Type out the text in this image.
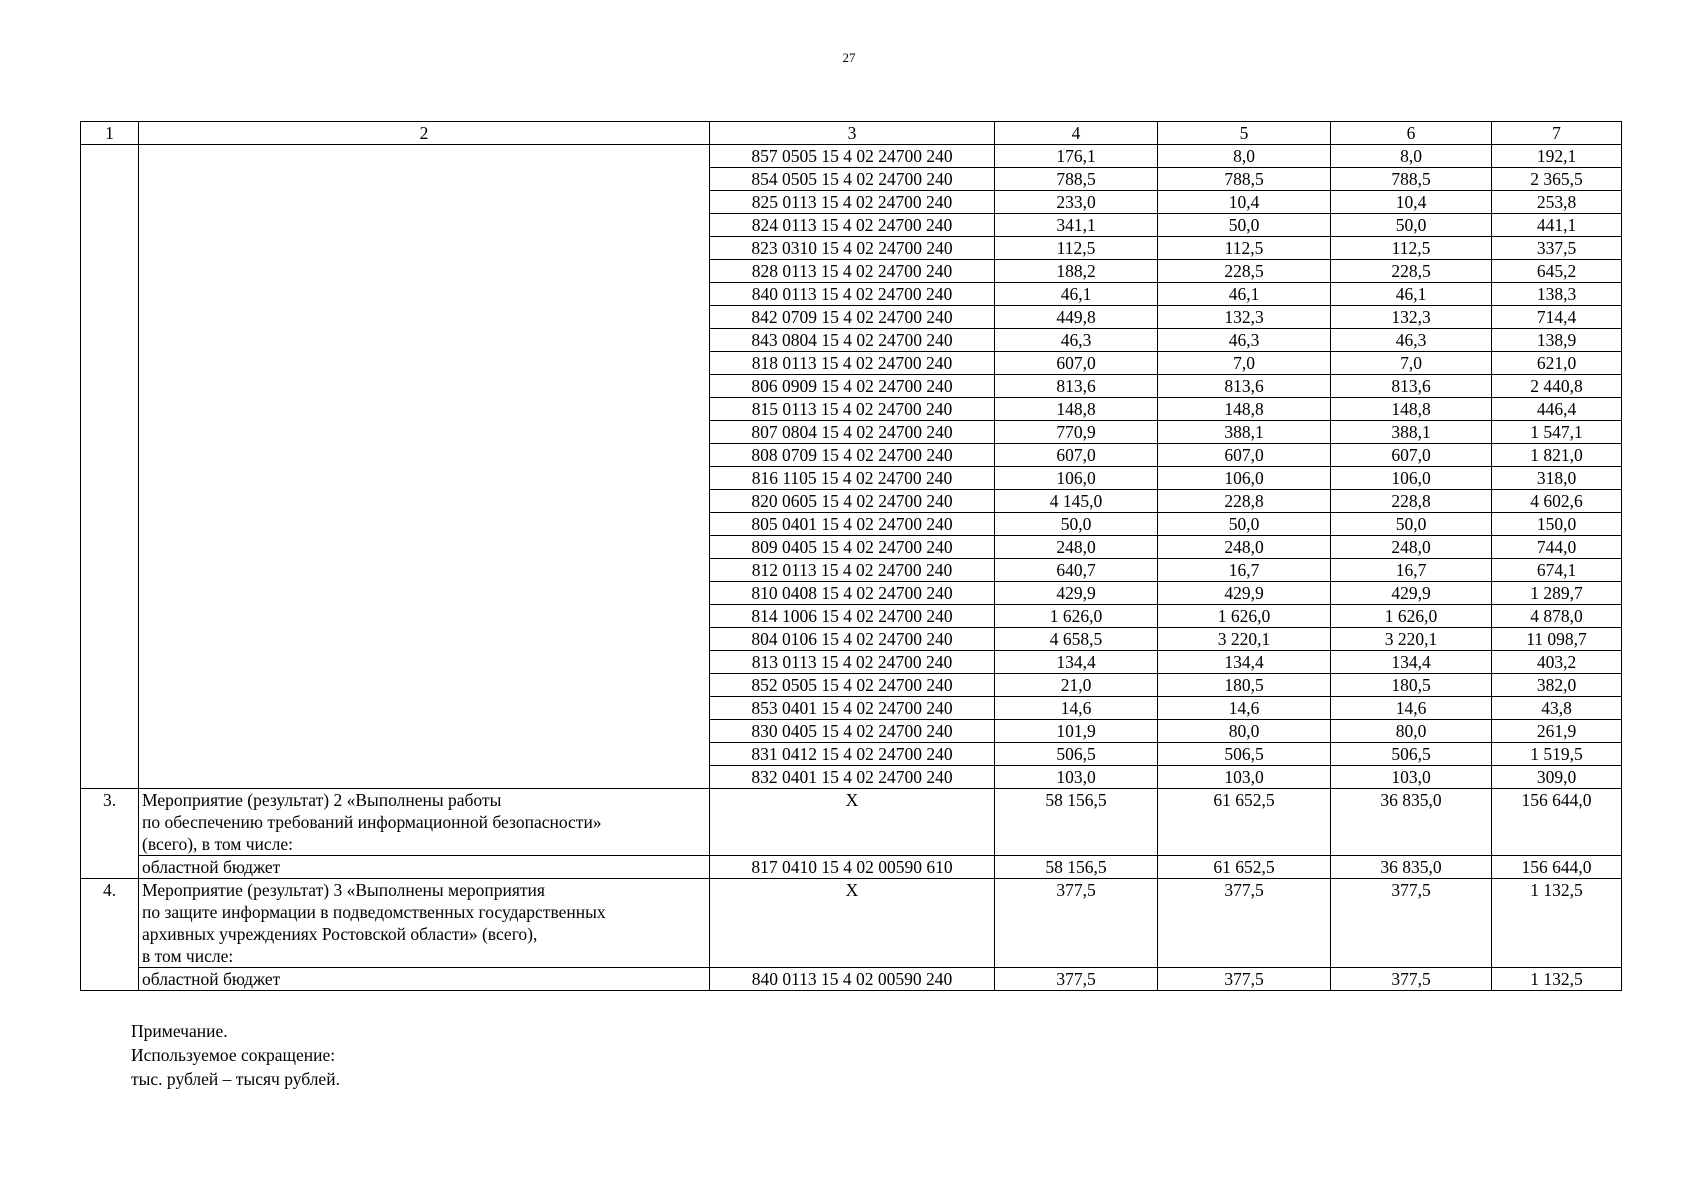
27
1	2	3	4	5	6	7
		857 0505 15 4 02 24700 240	176,1	8,0	8,0	192,1
		854 0505 15 4 02 24700 240	788,5	788,5	788,5	2 365,5
		825 0113 15 4 02 24700 240	233,0	10,4	10,4	253,8
		824 0113 15 4 02 24700 240	341,1	50,0	50,0	441,1
		823 0310 15 4 02 24700 240	112,5	112,5	112,5	337,5
		828 0113 15 4 02 24700 240	188,2	228,5	228,5	645,2
		840 0113 15 4 02 24700 240	46,1	46,1	46,1	138,3
		842 0709 15 4 02 24700 240	449,8	132,3	132,3	714,4
		843 0804 15 4 02 24700 240	46,3	46,3	46,3	138,9
		818 0113 15 4 02 24700 240	607,0	7,0	7,0	621,0
		806 0909 15 4 02 24700 240	813,6	813,6	813,6	2 440,8
		815 0113 15 4 02 24700 240	148,8	148,8	148,8	446,4
		807 0804 15 4 02 24700 240	770,9	388,1	388,1	1 547,1
		808 0709 15 4 02 24700 240	607,0	607,0	607,0	1 821,0
		816 1105 15 4 02 24700 240	106,0	106,0	106,0	318,0
		820 0605 15 4 02 24700 240	4 145,0	228,8	228,8	4 602,6
		805 0401 15 4 02 24700 240	50,0	50,0	50,0	150,0
		809 0405 15 4 02 24700 240	248,0	248,0	248,0	744,0
		812 0113 15 4 02 24700 240	640,7	16,7	16,7	674,1
		810 0408 15 4 02 24700 240	429,9	429,9	429,9	1 289,7
		814 1006 15 4 02 24700 240	1 626,0	1 626,0	1 626,0	4 878,0
		804 0106 15 4 02 24700 240	4 658,5	3 220,1	3 220,1	11 098,7
		813 0113 15 4 02 24700 240	134,4	134,4	134,4	403,2
		852 0505 15 4 02 24700 240	21,0	180,5	180,5	382,0
		853 0401 15 4 02 24700 240	14,6	14,6	14,6	43,8
		830 0405 15 4 02 24700 240	101,9	80,0	80,0	261,9
		831 0412 15 4 02 24700 240	506,5	506,5	506,5	1 519,5
		832 0401 15 4 02 24700 240	103,0	103,0	103,0	309,0
3.	Мероприятие (результат) 2 «Выполнены работы
по обеспечению требований информационной безопасности»
(всего), в том числе:	X	58 156,5	61 652,5	36 835,0	156 644,0
	областной бюджет	817 0410 15 4 02 00590 610	58 156,5	61 652,5	36 835,0	156 644,0
4.	Мероприятие (результат) 3 «Выполнены мероприятия
по защите информации в подведомственных государственных
архивных учреждениях Ростовской области» (всего),
в том числе:	X	377,5	377,5	377,5	1 132,5
	областной бюджет	840 0113 15 4 02 00590 240	377,5	377,5	377,5	1 132,5
Примечание.
Используемое сокращение:
тыс. рублей – тысяч рублей.
